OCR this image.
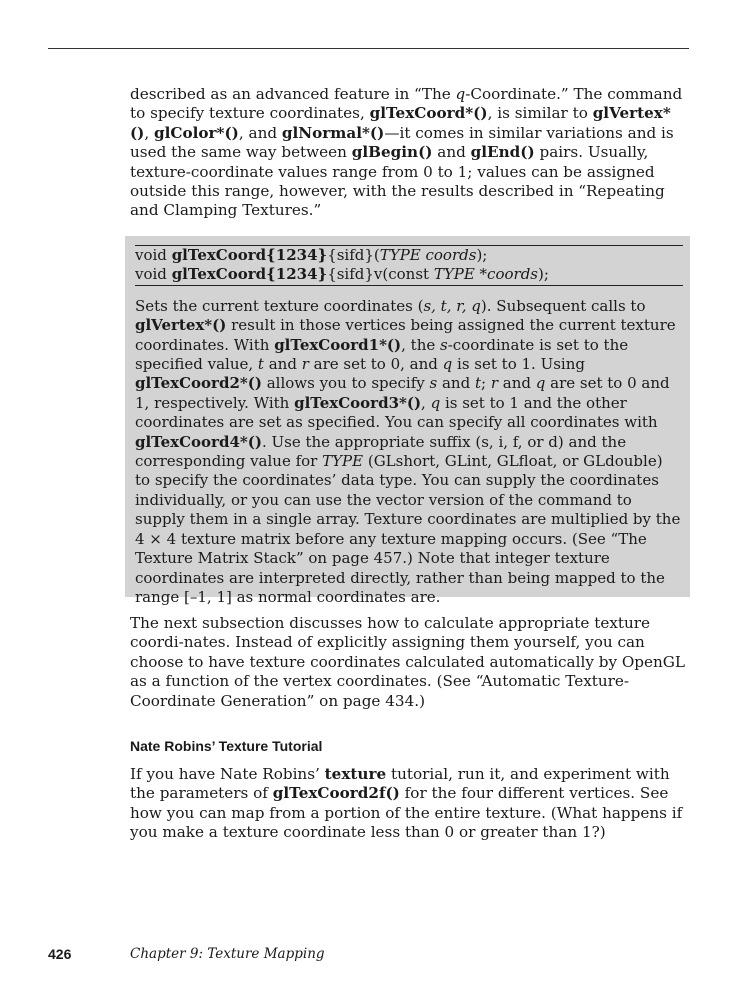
described as an advanced feature in “The q-Coordinate.” The command to specify texture coordinates, glTexCoord*(), is similar to glVertex*(), glColor*(), and glNormal*()—it comes in similar variations and is used the same way between glBegin() and glEnd() pairs. Usually, texture-coordinate values range from 0 to 1; values can be assigned outside this range, however, with the results described in “Repeating and Clamping Textures.”
void glTexCoord{1234}{sifd}(TYPE coords);
void glTexCoord{1234}{sifd}v(const TYPE *coords);
Sets the current texture coordinates (s, t, r, q). Subsequent calls to glVertex*() result in those vertices being assigned the current texture coordinates. With glTexCoord1*(), the s-coordinate is set to the specified value, t and r are set to 0, and q is set to 1. Using glTexCoord2*() allows you to specify s and t; r and q are set to 0 and 1, respectively. With glTexCoord3*(), q is set to 1 and the other coordinates are set as specified. You can specify all coordinates with glTexCoord4*(). Use the appropriate suffix (s, i, f, or d) and the corresponding value for TYPE (GLshort, GLint, GLfloat, or GLdouble) to specify the coordinates’ data type. You can supply the coordinates individually, or you can use the vector version of the command to supply them in a single array. Texture coordinates are multiplied by the 4 × 4 texture matrix before any texture mapping occurs. (See “The Texture Matrix Stack” on page 457.) Note that integer texture coordinates are interpreted directly, rather than being mapped to the range [–1, 1] as normal coordinates are.
The next subsection discusses how to calculate appropriate texture coordi-nates. Instead of explicitly assigning them yourself, you can choose to have texture coordinates calculated automatically by OpenGL as a function of the vertex coordinates. (See “Automatic Texture-Coordinate Generation” on page 434.)
Nate Robins’ Texture Tutorial
If you have Nate Robins’ texture tutorial, run it, and experiment with the parameters of glTexCoord2f() for the four different vertices. See how you can map from a portion of the entire texture. (What happens if you make a texture coordinate less than 0 or greater than 1?)
426	Chapter 9: Texture Mapping
